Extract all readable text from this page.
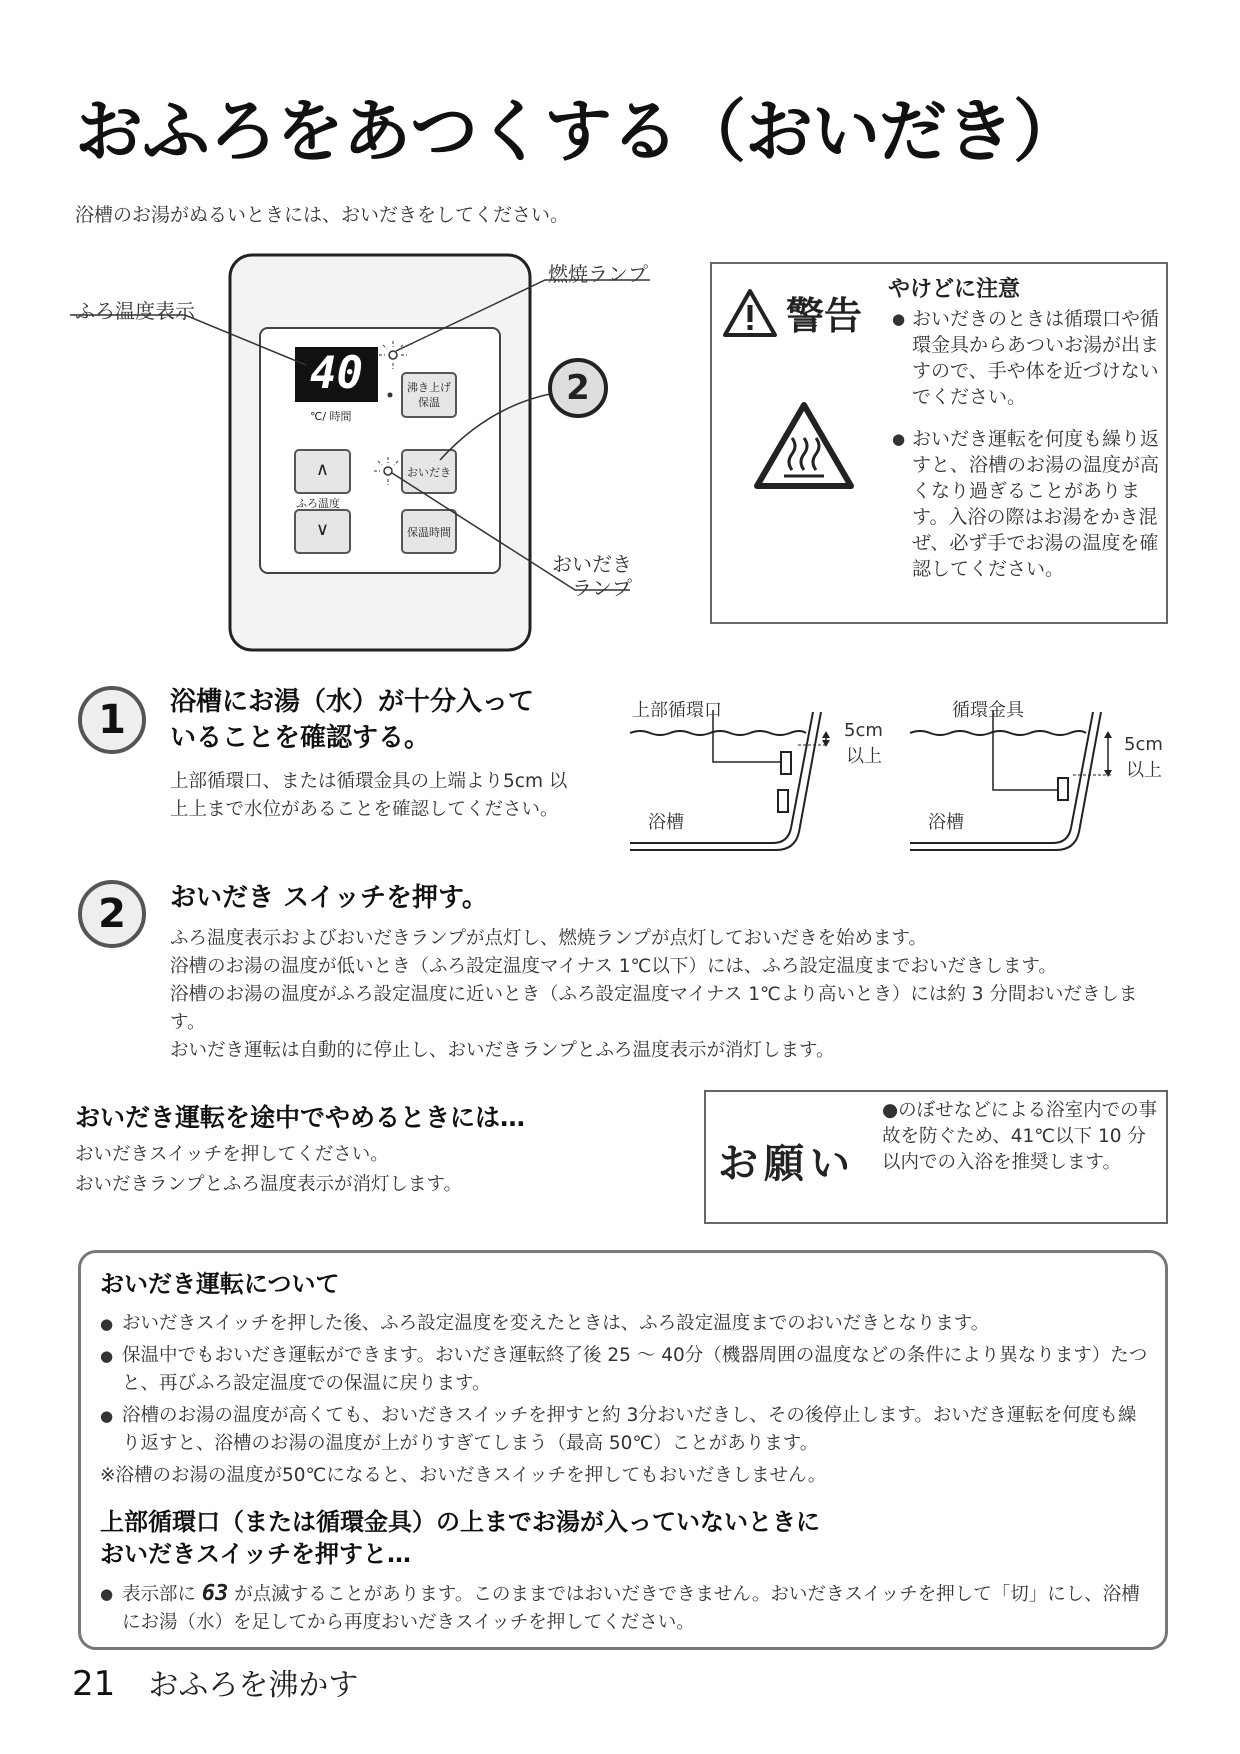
おふろをあつくする（おいだき）
浴槽のお湯がぬるいときには、おいだきをしてください。
ふろ温度表示
燃焼ランプ
おいだき
ランプ
40
℃/ 時間
沸き上げ
保温
∧	おいだき
ふろ温度
∨	保温時間
2
警告
やけどに注意
● おいだきのときは循環口や循環金具からあついお湯が出ますので、手や体を近づけないでください。
● おいだき運転を何度も繰り返すと、浴槽のお湯の温度が高くなり過ぎることがあります。入浴の際はお湯をかき混ぜ、必ず手でお湯の温度を確認してください。
1	浴槽にお湯（水）が十分入って
いることを確認する。
上部循環口、または循環金具の上端より5cm 以上上まで水位があることを確認してください。
上部循環口
浴槽
5cm
以上
循環金具
浴槽
5cm
以上
2	おいだき スイッチを押す。
ふろ温度表示およびおいだきランプが点灯し、燃焼ランプが点灯しておいだきを始めます。
浴槽のお湯の温度が低いとき（ふろ設定温度マイナス 1℃以下）には、ふろ設定温度までおいだきします。
浴槽のお湯の温度がふろ設定温度に近いとき（ふろ設定温度マイナス 1℃より高いとき）には約 3 分間おいだきします。
おいだき運転は自動的に停止し、おいだきランプとふろ温度表示が消灯します。
おいだき運転を途中でやめるときには…
おいだきスイッチを押してください。
おいだきランプとふろ温度表示が消灯します。	お願い
●のぼせなどによる浴室内での事故を防ぐため、41℃以下 10 分以内での入浴を推奨します。
おいだき運転について
● おいだきスイッチを押した後、ふろ設定温度を変えたときは、ふろ設定温度までのおいだきとなります。
● 保温中でもおいだき運転ができます。おいだき運転終了後 25 ～ 40分（機器周囲の温度などの条件により異なります）たつと、再びふろ設定温度での保温に戻ります。
● 浴槽のお湯の温度が高くても、おいだきスイッチを押すと約 3分おいだきし、その後停止します。おいだき運転を何度も繰り返すと、浴槽のお湯の温度が上がりすぎてしまう（最高 50℃）ことがあります。
※浴槽のお湯の温度が50℃になると、おいだきスイッチを押してもおいだきしません。
上部循環口（または循環金具）の上までお湯が入っていないときに
おいだきスイッチを押すと…
● 表示部に 63 が点滅することがあります。このままではおいだきできません。おいだきスイッチを押して「切」にし、浴槽にお湯（水）を足してから再度おいだきスイッチを押してください。
21 おふろを沸かす
